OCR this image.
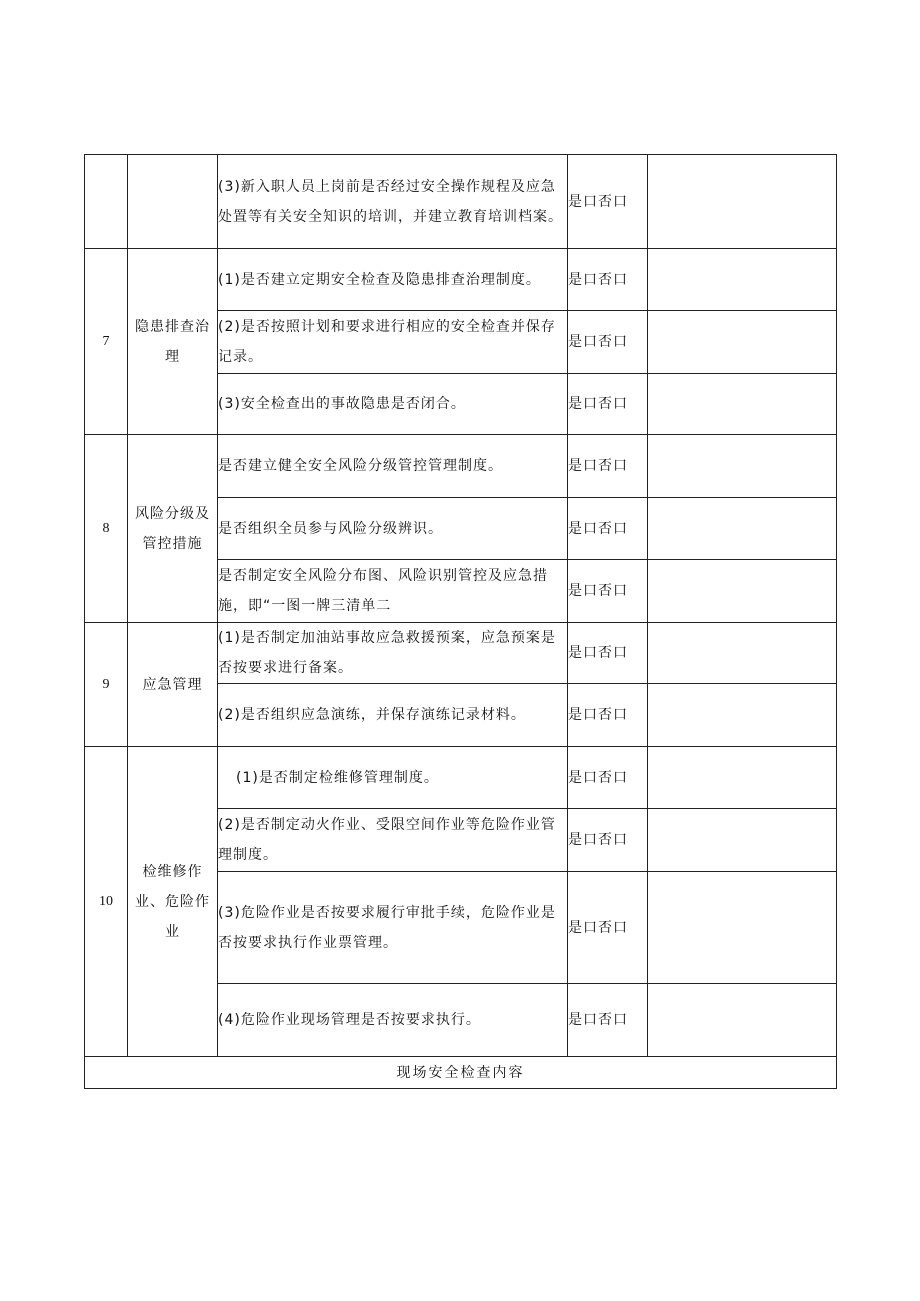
		(3)新入职人员上岗前是否经过安全操作规程及应急处置等有关安全知识的培训，并建立教育培训档案。	是口否口	
7	隐患排查治理	(1)是否建立定期安全检查及隐患排查治理制度。	是口否口	
		(2)是否按照计划和要求进行相应的安全检查并保存记录。	是口否口	
		(3)安全检查出的事故隐患是否闭合。	是口否口	
8	风险分级及管控措施	是否建立健全安全风险分级管控管理制度。	是口否口	
		是否组织全员参与风险分级辨识。	是口否口	
		是否制定安全风险分布图、风险识别管控及应急措施，即“一图一牌三清单二	是口否口	
9	应急管理	(1)是否制定加油站事故应急救援预案，应急预案是否按要求进行备案。	是口否口	
		(2)是否组织应急演练，并保存演练记录材料。	是口否口	
10	检维修作业、危险作业	(1)是否制定检维修管理制度。	是口否口	
		(2)是否制定动火作业、受限空间作业等危险作业管理制度。	是口否口	
		(3)危险作业是否按要求履行审批手续，危险作业是否按要求执行作业票管理。	是口否口	
		(4)危险作业现场管理是否按要求执行。	是口否口	
现场安全检查内容				
